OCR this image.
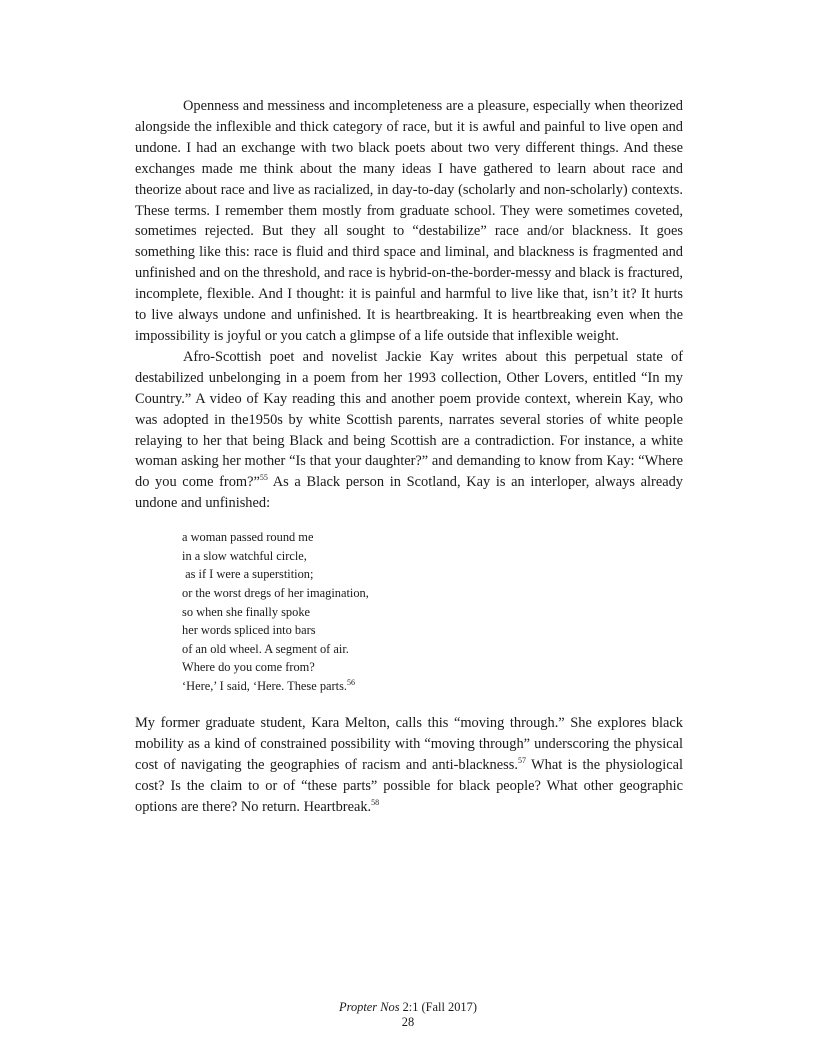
Openness and messiness and incompleteness are a pleasure, especially when theorized alongside the inflexible and thick category of race, but it is awful and painful to live open and undone. I had an exchange with two black poets about two very different things. And these exchanges made me think about the many ideas I have gathered to learn about race and theorize about race and live as racialized, in day-to-day (scholarly and non-scholarly) contexts. These terms. I remember them mostly from graduate school. They were sometimes coveted, sometimes rejected. But they all sought to “destabilize” race and/or blackness. It goes something like this: race is fluid and third space and liminal, and blackness is fragmented and unfinished and on the threshold, and race is hybrid-on-the-border-messy and black is fractured, incomplete, flexible. And I thought: it is painful and harmful to live like that, isn’t it? It hurts to live always undone and unfinished. It is heartbreaking. It is heartbreaking even when the impossibility is joyful or you catch a glimpse of a life outside that inflexible weight.

Afro-Scottish poet and novelist Jackie Kay writes about this perpetual state of destabilized unbelonging in a poem from her 1993 collection, Other Lovers, entitled “In my Country.” A video of Kay reading this and another poem provide context, wherein Kay, who was adopted in the1950s by white Scottish parents, narrates several stories of white people relaying to her that being Black and being Scottish are a contradiction. For instance, a white woman asking her mother “Is that your daughter?” and demanding to know from Kay: “Where do you come from?”$^{55}$ As a Black person in Scotland, Kay is an interloper, always already undone and unfinished:

a woman passed round me
in a slow watchful circle,
as if I were a superstition;
or the worst dregs of her imagination,
so when she finally spoke
her words spliced into bars
of an old wheel. A segment of air.
Where do you come from?
‘Here,’ I said, ‘Here. These parts.$^{56}$

My former graduate student, Kara Melton, calls this “moving through.” She explores black mobility as a kind of constrained possibility with “moving through” underscoring the physical cost of navigating the geographies of racism and anti-blackness.$^{57}$ What is the physiological cost? Is the claim to or of “these parts” possible for black people? What other geographic options are there? No return. Heartbreak.$^{58}$

Propter Nos 2:1 (Fall 2017)
28
